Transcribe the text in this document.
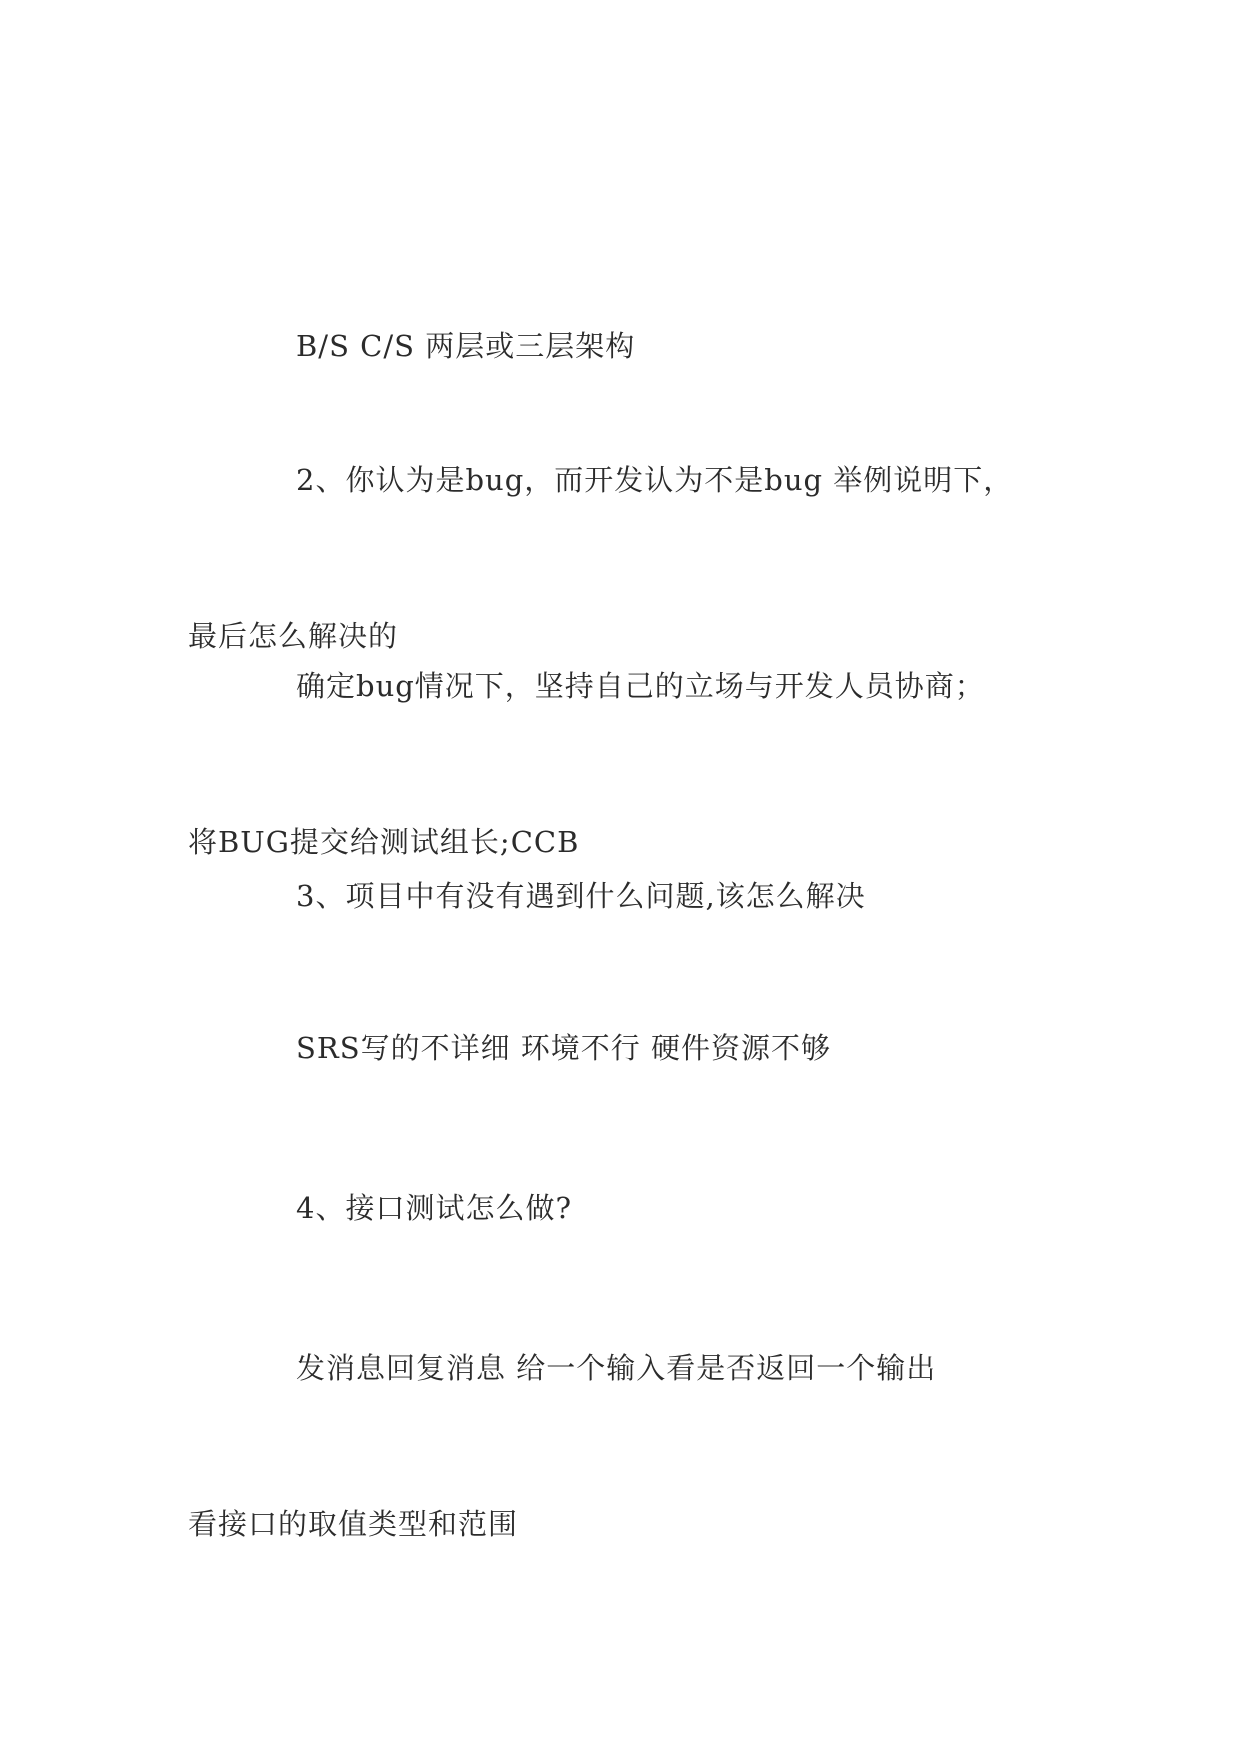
B/S C/S 两层或三层架构

2、你认为是bug，而开发认为不是bug 举例说明下，

最后怎么解决的

确定bug情况下，坚持自己的立场与开发人员协商；

将BUG提交给测试组长;CCB

3、项目中有没有遇到什么问题,该怎么解决

SRS写的不详细 环境不行 硬件资源不够

4、接口测试怎么做?

发消息回复消息 给一个输入看是否返回一个输出

看接口的取值类型和范围
